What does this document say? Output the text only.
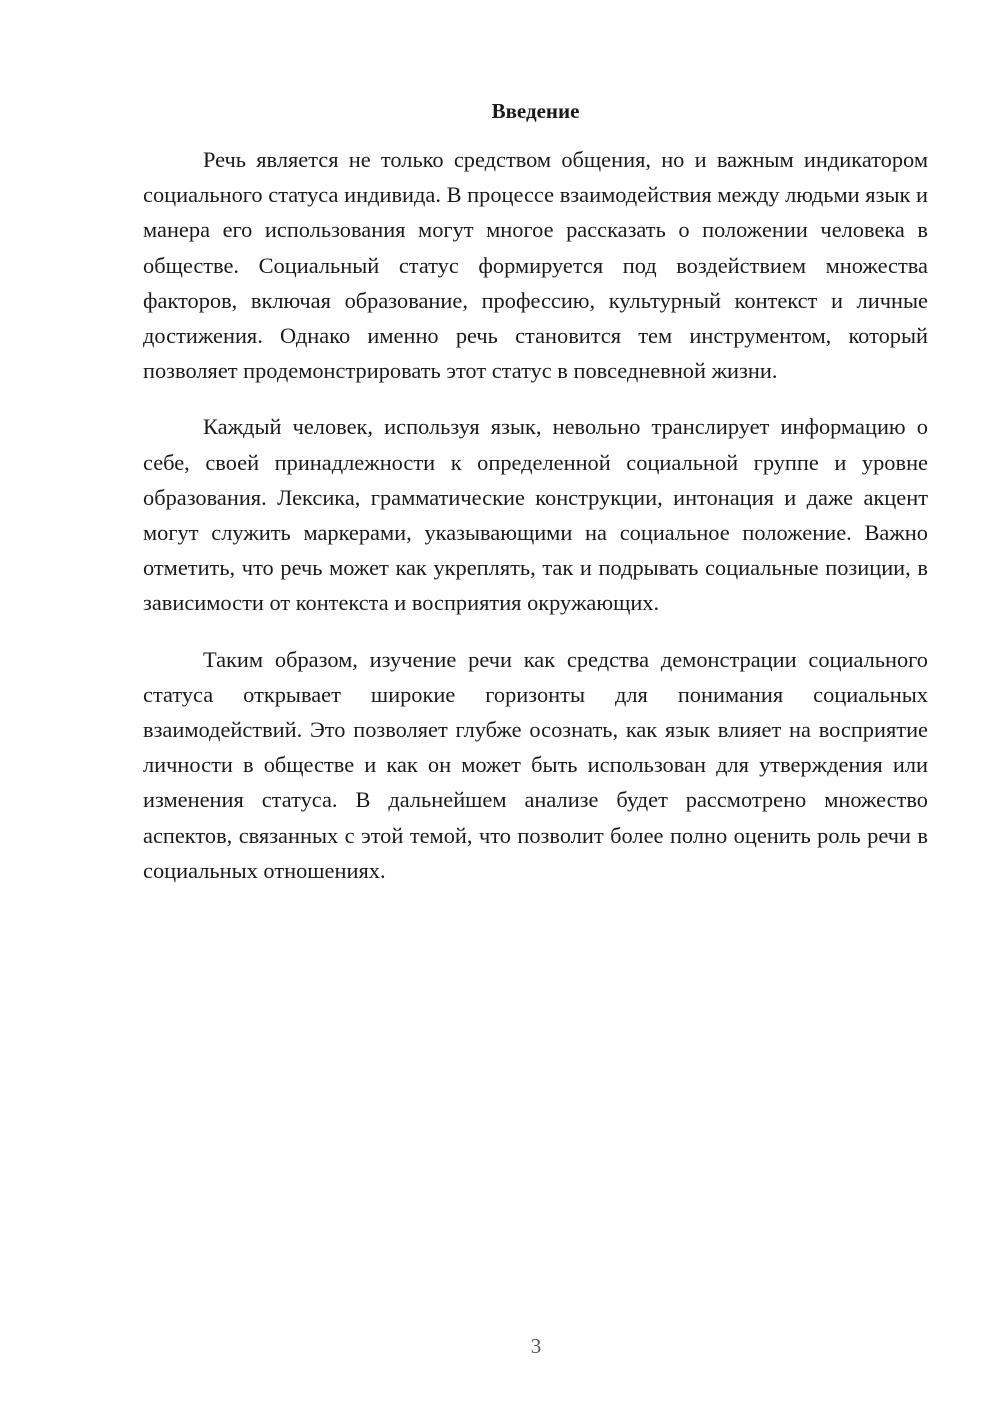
Введение

Речь является не только средством общения, но и важным индикатором социального статуса индивида. В процессе взаимодействия между людьми язык и манера его использования могут многое рассказать о положении человека в обществе. Социальный статус формируется под воздействием множества факторов, включая образование, профессию, культурный контекст и личные достижения. Однако именно речь становится тем инструментом, который позволяет продемонстрировать этот статус в повседневной жизни.

Каждый человек, используя язык, невольно транслирует информацию о себе, своей принадлежности к определенной социальной группе и уровне образования. Лексика, грамматические конструкции, интонация и даже акцент могут служить маркерами, указывающими на социальное положение. Важно отметить, что речь может как укреплять, так и подрывать социальные позиции, в зависимости от контекста и восприятия окружающих.

Таким образом, изучение речи как средства демонстрации социального статуса открывает широкие горизонты для понимания социальных взаимодействий. Это позволяет глубже осознать, как язык влияет на восприятие личности в обществе и как он может быть использован для утверждения или изменения статуса. В дальнейшем анализе будет рассмотрено множество аспектов, связанных с этой темой, что позволит более полно оценить роль речи в социальных отношениях.

3
